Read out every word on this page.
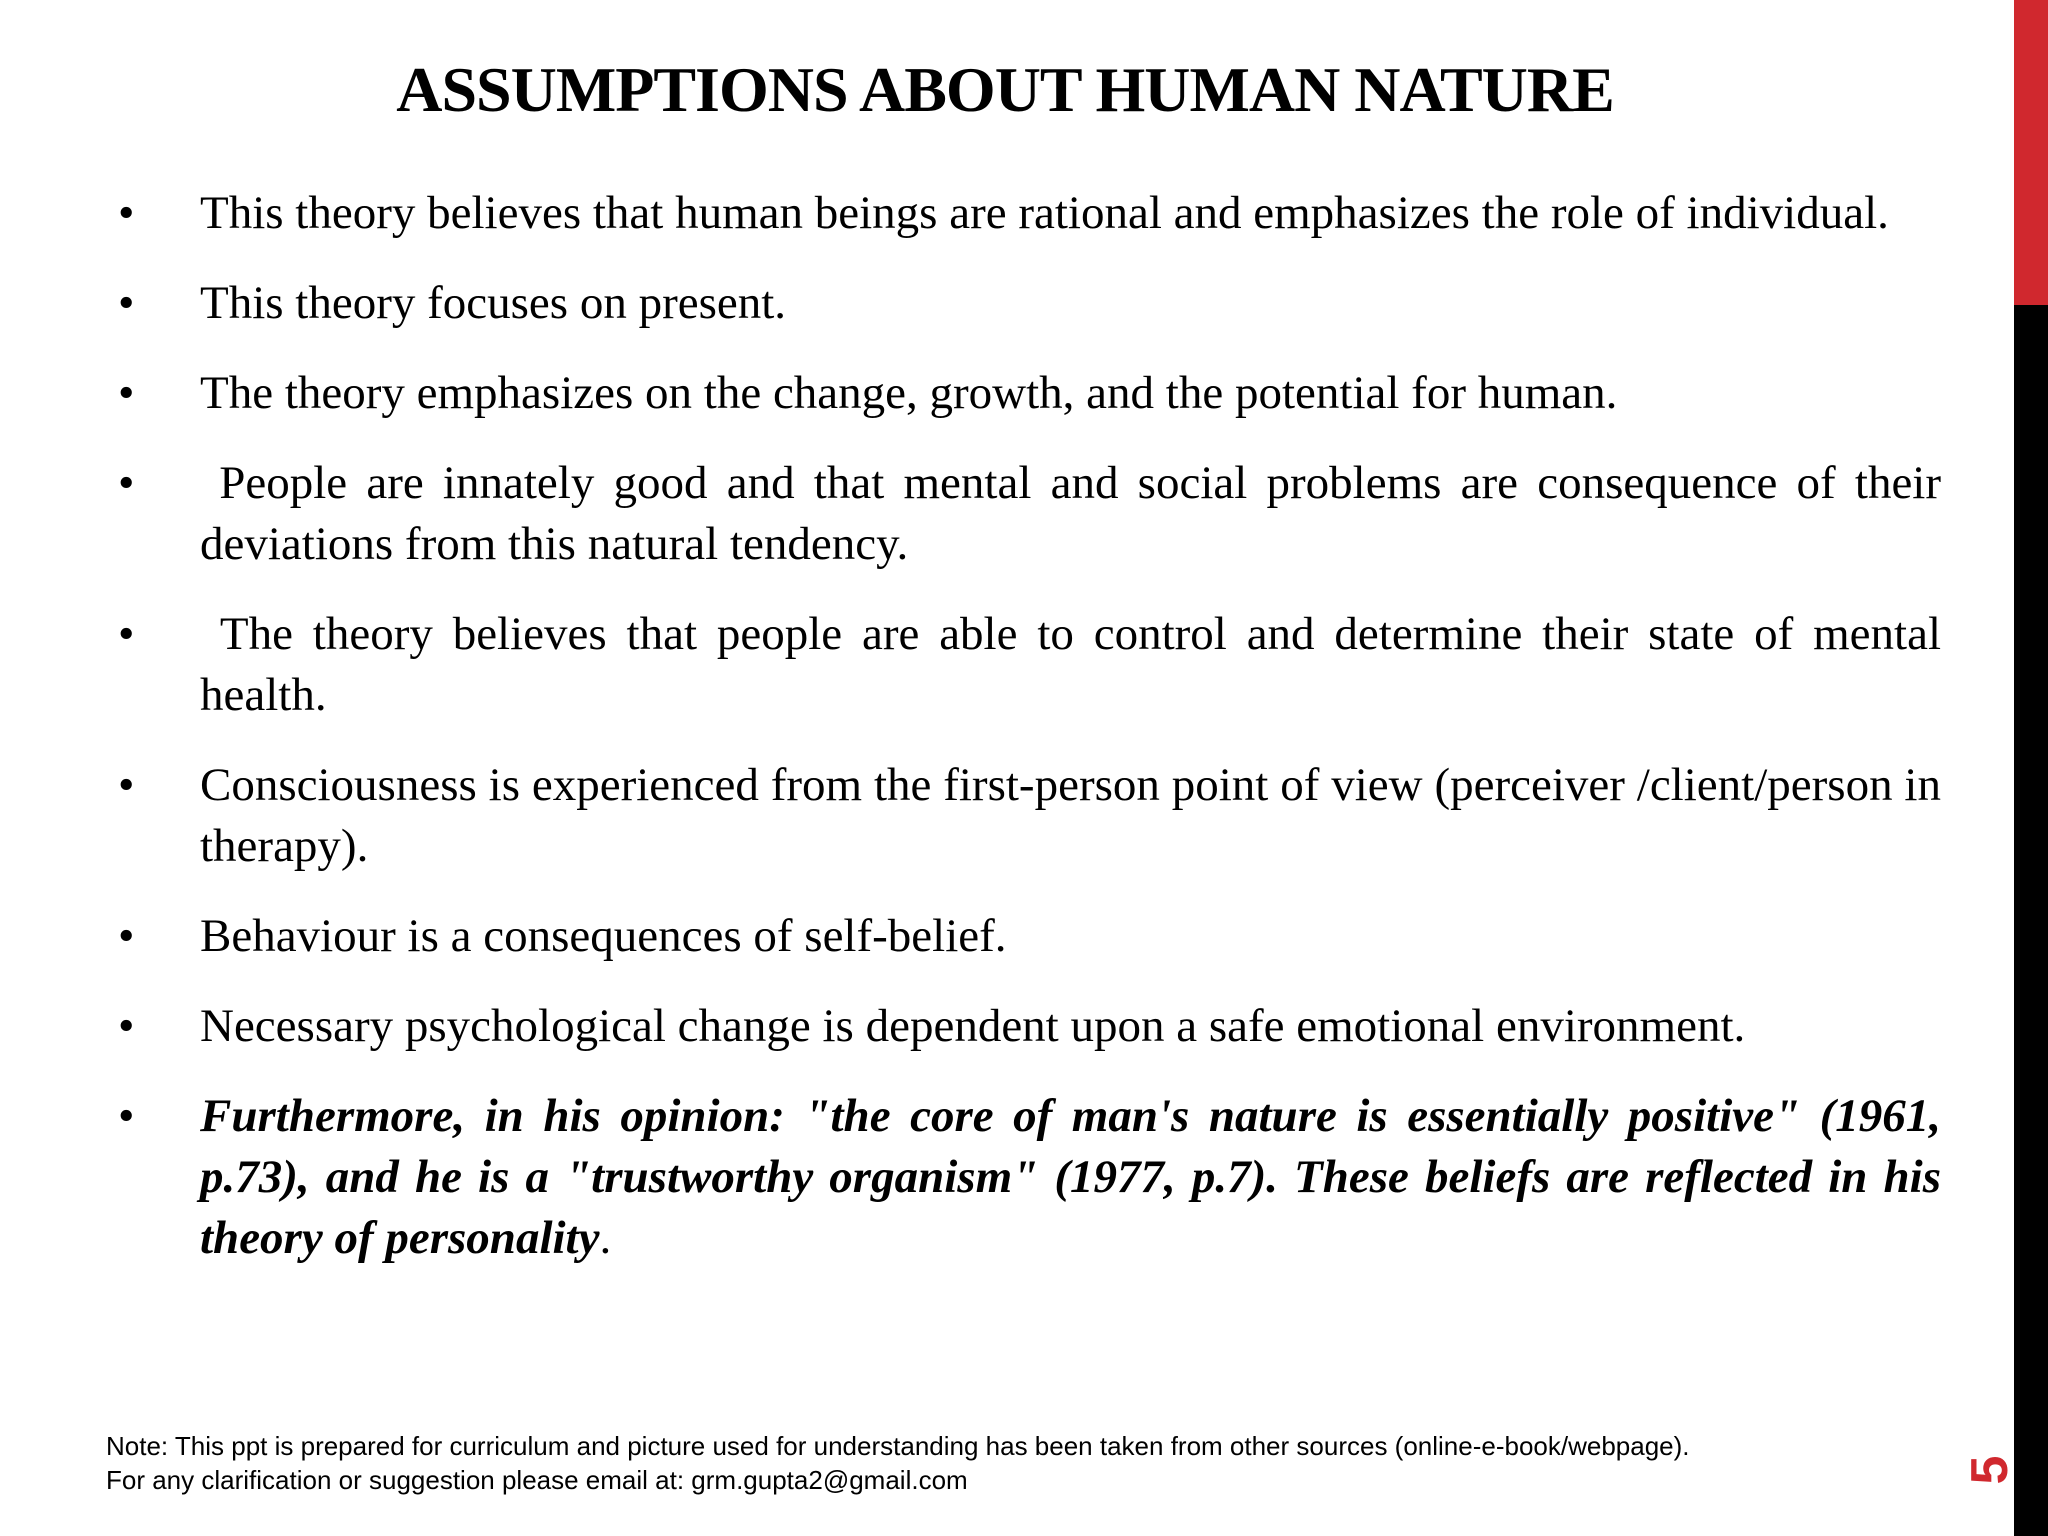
ASSUMPTIONS ABOUT HUMAN NATURE
• This theory believes that human beings are rational and emphasizes the role of individual.
• This theory focuses on present.
• The theory emphasizes on the change, growth, and the potential for human.
• People are innately good and that mental and social problems are consequence of their deviations from this natural tendency.
• The theory believes that people are able to control and determine their state of mental health.
• Consciousness is experienced from the first-person point of view (perceiver /client/person in therapy).
• Behaviour is a consequences of self-belief.
• Necessary psychological change is dependent upon a safe emotional environment.
• Furthermore, in his opinion: "the core of man's nature is essentially positive" (1961, p.73), and he is a "trustworthy organism" (1977, p.7). These beliefs are reflected in his theory of personality.
Note: This ppt is prepared for curriculum and picture used for understanding has been taken from other sources (online-e-book/webpage).
For any clarification or suggestion please email at: grm.gupta2@gmail.com	5
